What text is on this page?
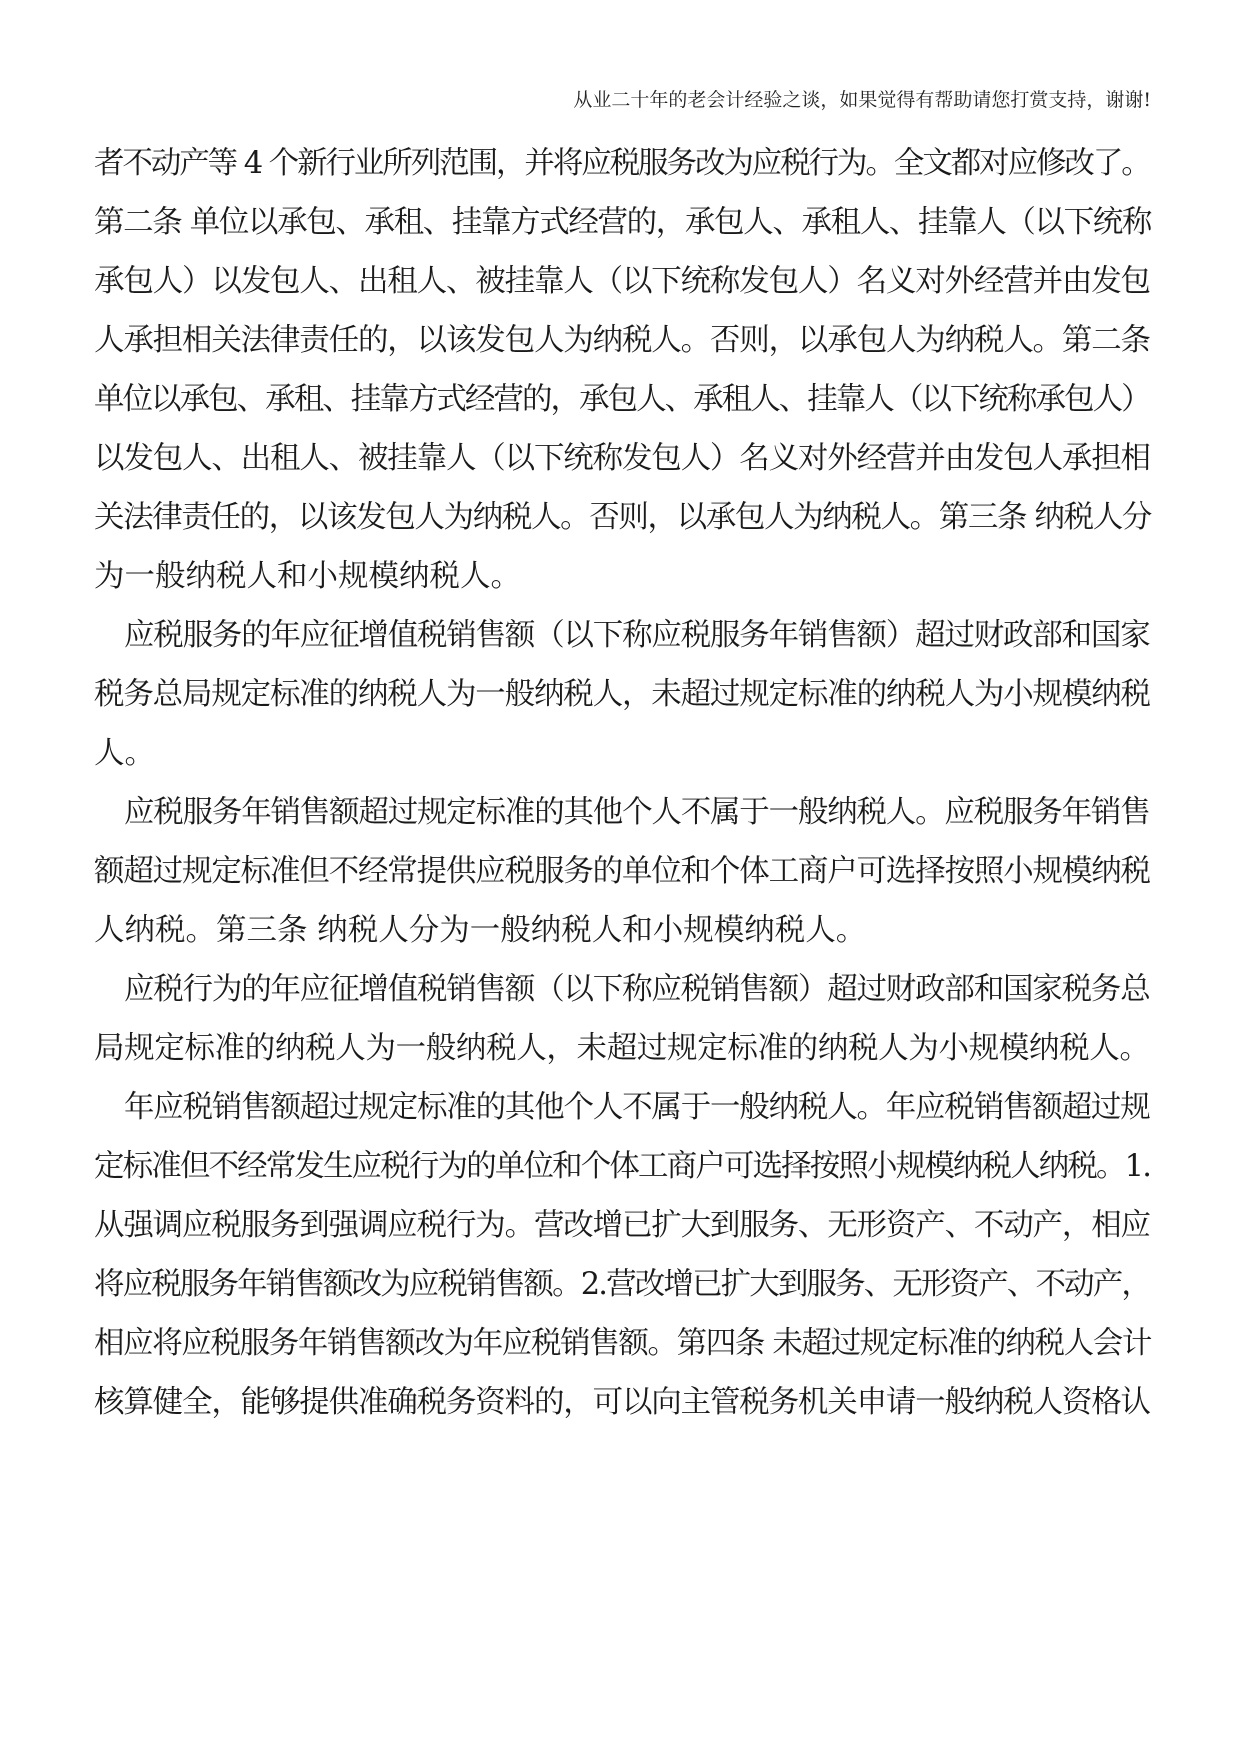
从业二十年的老会计经验之谈，如果觉得有帮助请您打赏支持，谢谢!
者不动产等 4 个新行业所列范围，并将应税服务改为应税行为。全文都对应修改了。
第二条 单位以承包、承租、挂靠方式经营的，承包人、承租人、挂靠人（以下统称
承包人）以发包人、出租人、被挂靠人（以下统称发包人）名义对外经营并由发包
人承担相关法律责任的，以该发包人为纳税人。否则，以承包人为纳税人。第二条
单位以承包、承租、挂靠方式经营的，承包人、承租人、挂靠人（以下统称承包人）
以发包人、出租人、被挂靠人（以下统称发包人）名义对外经营并由发包人承担相
关法律责任的，以该发包人为纳税人。否则，以承包人为纳税人。第三条 纳税人分
为一般纳税人和小规模纳税人。
应税服务的年应征增值税销售额（以下称应税服务年销售额）超过财政部和国家
税务总局规定标准的纳税人为一般纳税人，未超过规定标准的纳税人为小规模纳税
人。
应税服务年销售额超过规定标准的其他个人不属于一般纳税人。应税服务年销售
额超过规定标准但不经常提供应税服务的单位和个体工商户可选择按照小规模纳税
人纳税。第三条 纳税人分为一般纳税人和小规模纳税人。
应税行为的年应征增值税销售额（以下称应税销售额）超过财政部和国家税务总
局规定标准的纳税人为一般纳税人，未超过规定标准的纳税人为小规模纳税人。
年应税销售额超过规定标准的其他个人不属于一般纳税人。年应税销售额超过规
定标准但不经常发生应税行为的单位和个体工商户可选择按照小规模纳税人纳税。1.
从强调应税服务到强调应税行为。营改增已扩大到服务、无形资产、不动产，相应
将应税服务年销售额改为应税销售额。2.营改增已扩大到服务、无形资产、不动产，
相应将应税服务年销售额改为年应税销售额。第四条 未超过规定标准的纳税人会计
核算健全，能够提供准确税务资料的，可以向主管税务机关申请一般纳税人资格认
